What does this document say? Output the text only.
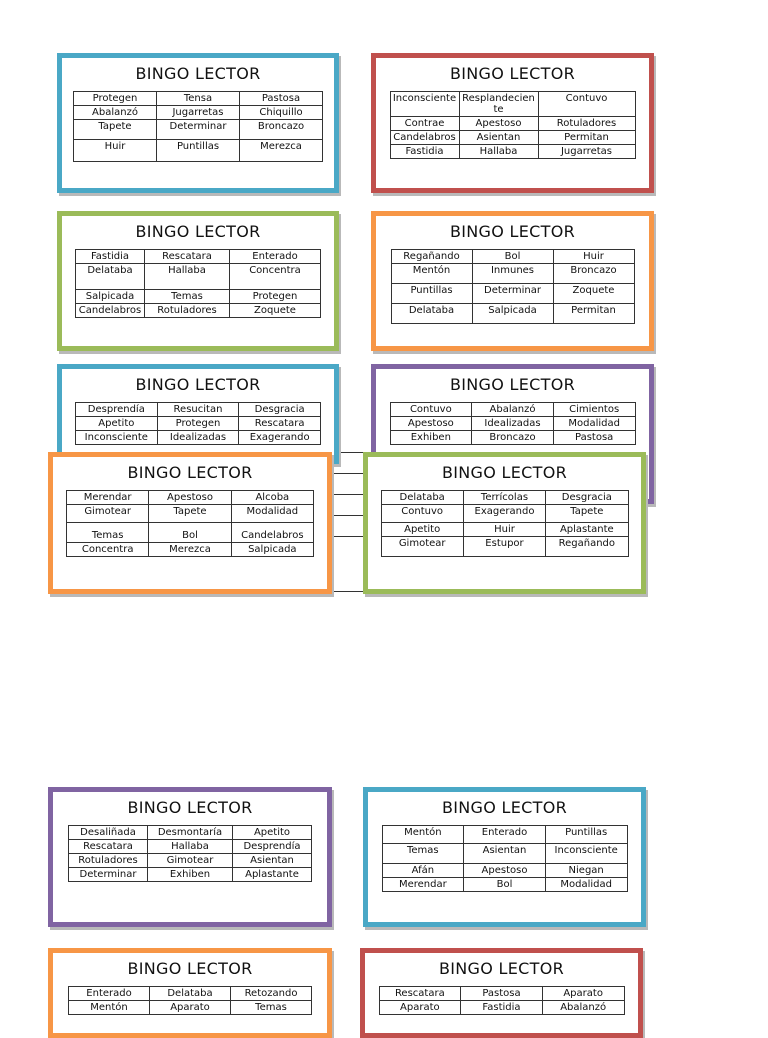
BINGO LECTOR
Protegen	Tensa	Pastosa
Abalanzó	Jugarretas	Chiquillo
Tapete	Determinar	Broncazo
Huir	Puntillas	Merezca
BINGO LECTOR
Inconsciente	Resplandeciente	Contuvo
Contrae	Apestoso	Rotuladores
Candelabros	Asientan	Permitan
Fastidia	Hallaba	Jugarretas
BINGO LECTOR
Fastidia	Rescatara	Enterado
Delataba	Hallaba	Concentra
Salpicada	Temas	Protegen
Candelabros	Rotuladores	Zoquete
BINGO LECTOR
Regañando	Bol	Huir
Mentón	Inmunes	Broncazo
Puntillas	Determinar	Zoquete
Delataba	Salpicada	Permitan
BINGO LECTOR
Desprendía	Resucitan	Desgracia
Apetito	Protegen	Rescatara
Inconsciente	Idealizadas	Exagerando
BINGO LECTOR
Contuvo	Abalanzó	Cimientos
Apestoso	Idealizadas	Modalidad
Exhiben	Broncazo	Pastosa
BINGO LECTOR
Merendar	Apestoso	Alcoba
Gimotear	Tapete	Modalidad
Temas	Bol	Candelabros
Concentra	Merezca	Salpicada
BINGO LECTOR
Delataba	Terrícolas	Desgracia
Contuvo	Exagerando	Tapete
Apetito	Huir	Aplastante
Gimotear	Estupor	Regañando
BINGO LECTOR
Desaliñada	Desmontaría	Apetito
Rescatara	Hallaba	Desprendía
Rotuladores	Gimotear	Asientan
Determinar	Exhiben	Aplastante
BINGO LECTOR
Mentón	Enterado	Puntillas
Temas	Asientan	Inconsciente
Afán	Apestoso	Niegan
Merendar	Bol	Modalidad
BINGO LECTOR
Enterado	Delataba	Retozando
Mentón	Aparato	Temas
BINGO LECTOR
Rescatara	Pastosa	Aparato
Aparato	Fastidia	Abalanzó
